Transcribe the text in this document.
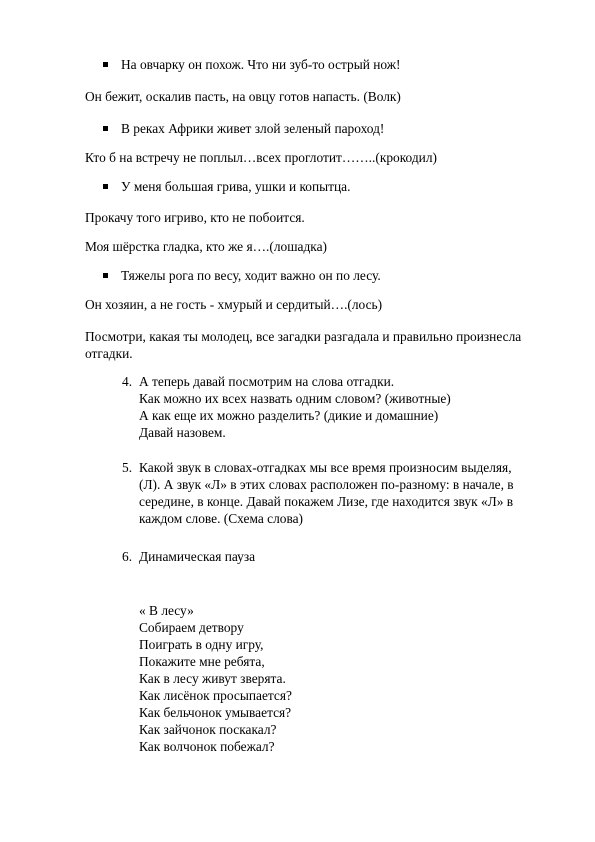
На овчарку он похож. Что ни зуб-то острый нож!
Он бежит, оскалив пасть, на овцу готов напасть. (Волк)
В реках Африки живет злой зеленый пароход!
Кто б на встречу не поплыл…всех проглотит……..(крокодил)
У меня большая грива, ушки и копытца.
Прокачу того игриво, кто не побоится.
Моя шёрстка гладка, кто же я….(лошадка)
Тяжелы рога по весу, ходит важно он по лесу.
Он хозяин, а не гость - хмурый и сердитый….(лось)
Посмотри, какая ты молодец, все загадки разгадала и правильно произнесла
отгадки.
4. А теперь давай посмотрим на слова отгадки.
Как можно их всех назвать одним словом? (животные)
А как еще их можно разделить? (дикие и домашние)
Давай назовем.
5. Какой звук в словах-отгадках мы все время произносим выделяя,
(Л). А звук «Л» в этих словах расположен по-разному: в начале, в
середине, в конце. Давай покажем Лизе, где находится звук «Л» в
каждом слове. (Схема слова)
6. Динамическая пауза
« В лесу»
Собираем детвору
Поиграть в одну игру,
Покажите мне ребята,
Как в лесу живут зверята.
Как лисёнок просыпается?
Как бельчонок умывается?
Как зайчонок поскакал?
Как волчонок побежал?
